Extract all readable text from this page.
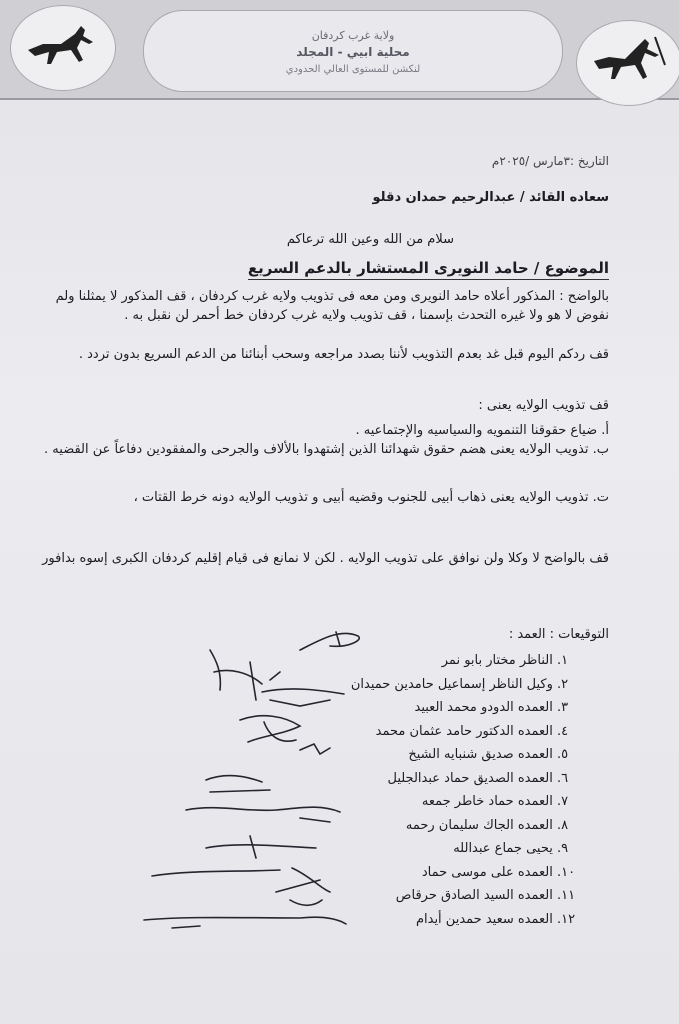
ولاية غرب كردفان
محلية ابيي - المجلد
لنكشن للمستوى العالي الحدودي
التاريخ :٣مارس /٢٠٢٥م
سعاده القائد / عبدالرحيم حمدان دقلو
سلام من الله وعين الله ترعاكم
الموضوع / حامد النويرى المستشار بالدعم السريع
بالواضح : المذكور أعلاه حامد النويرى ومن معه فى تذويب ولايه غرب كردفان ، قف المذكور لا يمثلنا ولم نفوض لا هو ولا غيره التحدث بإسمنا ، قف تذويب ولايه غرب كردفان خط أحمر لن نقبل به .
قف ردكم اليوم قبل غد بعدم التذويب لأننا بصدد مراجعه وسحب أبنائنا من الدعم السريع بدون تردد .
قف تذويب الولايه يعنى :
أ. ضياع حقوقنا التنمويه والسياسيه والإجتماعيه .
ب. تذويب الولايه يعنى هضم حقوق شهدائنا الذين إشتهدوا بالألاف والجرحى والمفقودين دفاعاً عن القضيه .
ت. تذويب الولايه يعنى ذهاب أبيى للجنوب وقضيه أبيى و تذويب الولايه دونه خرط القتات ،
قف بالواضح لا وكلا ولن نوافق على تذويب الولايه . لكن لا نمانع فى قيام إقليم كردفان الكبرى إسوه بدافور
التوقيعات : العمد :
١. الناظر مختار بابو نمر
٢. وكيل الناظر إسماعيل حامدين حميدان
٣. العمده الدودو محمد العبيد
٤. العمده الدكتور حامد عثمان محمد
٥. العمده صديق شنبايه الشيخ
٦. العمده الصديق حماد عبدالجليل
٧. العمده حماد خاطر جمعه
٨. العمده الجاك سليمان رحمه
٩. يحيى جماع عبدالله
١٠. العمده على موسى حماد
١١. العمده السيد الصادق حرقاص
١٢. العمده سعيد حمدين أيدام
